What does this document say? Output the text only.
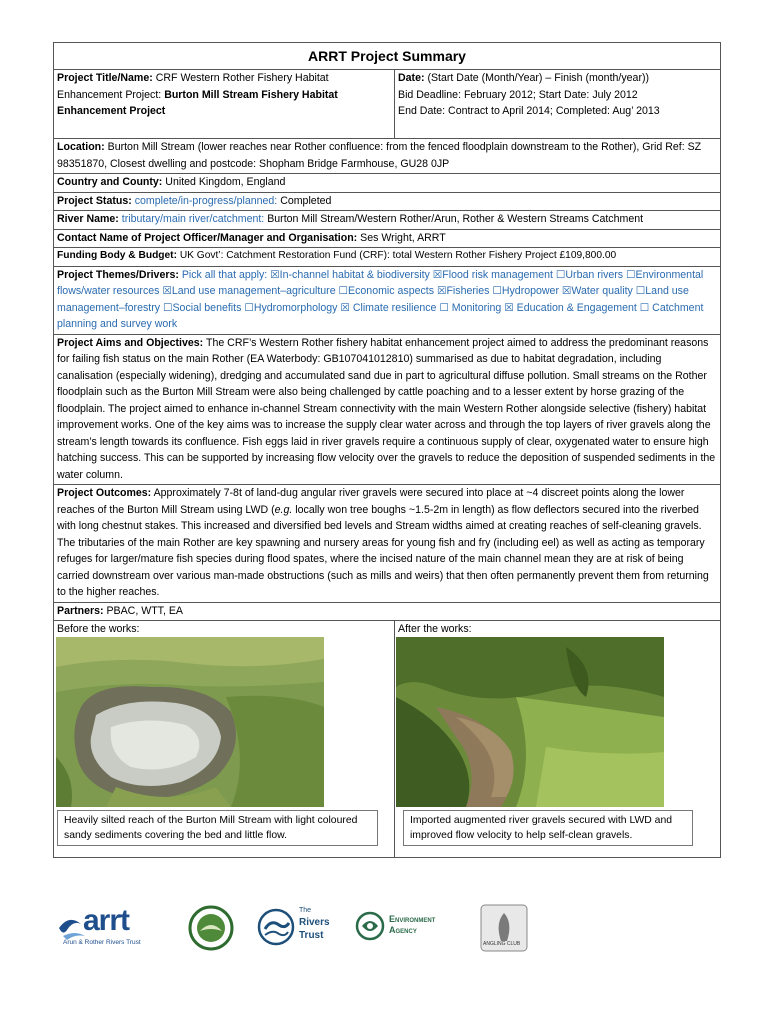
ARRT Project Summary
Project Title/Name: CRF Western Rother Fishery Habitat Enhancement Project: Burton Mill Stream Fishery Habitat Enhancement Project
Date: (Start Date (Month/Year) – Finish (month/year))
Bid Deadline: February 2012; Start Date: July 2012
End Date: Contract to April 2014; Completed: Aug’ 2013
Location: Burton Mill Stream (lower reaches near Rother confluence: from the fenced floodplain downstream to the Rother), Grid Ref: SZ 98351870, Closest dwelling and postcode: Shopham Bridge Farmhouse, GU28 0JP
Country and County: United Kingdom, England
Project Status: complete/in-progress/planned: Completed
River Name: tributary/main river/catchment: Burton Mill Stream/Western Rother/Arun, Rother & Western Streams Catchment
Contact Name of Project Officer/Manager and Organisation: Ses Wright, ARRT
Funding Body & Budget: UK Govt’: Catchment Restoration Fund (CRF): total Western Rother Fishery Project £109,800.00
Project Themes/Drivers: Pick all that apply: ☒In-channel habitat & biodiversity ☒Flood risk management ☐Urban rivers ☐Environmental flows/water resources ☒Land use management–agriculture ☐Economic aspects ☒Fisheries ☐Hydropower ☒Water quality ☐Land use management–forestry ☐Social benefits ☐Hydromorphology ☒ Climate resilience ☐ Monitoring ☒ Education & Engagement ☐ Catchment planning and survey work
Project Aims and Objectives: The CRF’s Western Rother fishery habitat enhancement project aimed to address the predominant reasons for failing fish status on the main Rother (EA Waterbody: GB107041012810) summarised as due to habitat degradation, including canalisation (especially widening), dredging and accumulated sand due in part to agricultural diffuse pollution. Small streams on the Rother floodplain such as the Burton Mill Stream were also being challenged by cattle poaching and to a lesser extent by horse grazing of the floodplain. The project aimed to enhance in-channel Stream connectivity with the main Western Rother alongside selective (fishery) habitat improvement works. One of the key aims was to increase the supply clear water across and through the top layers of river gravels along the stream’s length towards its confluence. Fish eggs laid in river gravels require a continuous supply of clear, oxygenated water to ensure high hatching success. This can be supported by increasing flow velocity over the gravels to reduce the deposition of suspended sediments in the water column.
Project Outcomes: Approximately 7-8t of land-dug angular river gravels were secured into place at ~4 discreet points along the lower reaches of the Burton Mill Stream using LWD (e.g. locally won tree boughs ~1.5-2m in length) as flow deflectors secured into the riverbed with long chestnut stakes. This increased and diversified bed levels and Stream widths aimed at creating reaches of self-cleaning gravels. The tributaries of the main Rother are key spawning and nursery areas for young fish and fry (including eel) as well as acting as temporary refuges for larger/mature fish species during flood spates, where the incised nature of the main channel mean they are at risk of being carried downstream over various man-made obstructions (such as mills and weirs) that then often permanently prevent them from returning to the higher reaches.
Partners: PBAC, WTT, EA
Before the works:
Heavily silted reach of the Burton Mill Stream with light coloured sandy sediments covering the bed and little flow.
After the works:
Imported augmented river gravels secured with LWD and improved flow velocity to help self-clean gravels.
arrt
Arun & Rother Rivers Trust
The
Rivers
Trust
Environment
Agency
ANGLING CLUB
